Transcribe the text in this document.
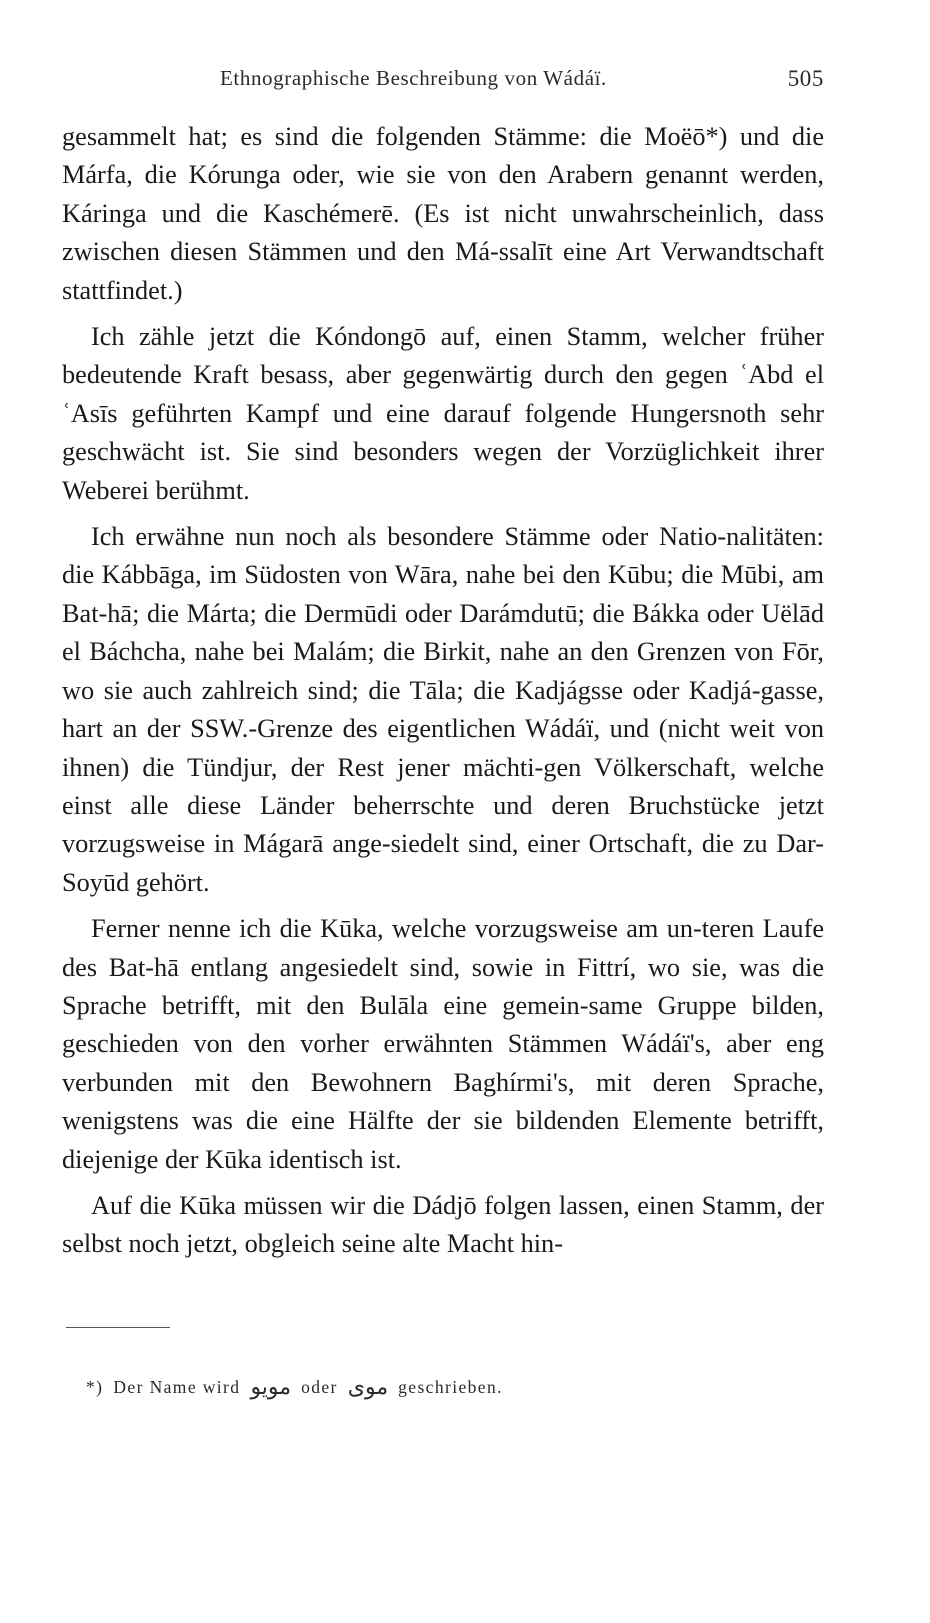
Ethnographische Beschreibung von Wádáï.	505

gesammelt hat; es sind die folgenden Stämme: die Moëō*) und die Márfa, die Kórunga oder, wie sie von den Arabern genannt werden, Káringa und die Kaschémerē. (Es ist nicht unwahrscheinlich, dass zwischen diesen Stämmen und den Má-ssalīt eine Art Verwandtschaft stattfindet.)

Ich zähle jetzt die Kóndongō auf, einen Stamm, welcher früher bedeutende Kraft besass, aber gegenwärtig durch den gegen ʿAbd el ʿAsīs geführten Kampf und eine darauf folgende Hungersnoth sehr geschwächt ist. Sie sind besonders wegen der Vorzüglichkeit ihrer Weberei berühmt.

Ich erwähne nun noch als besondere Stämme oder Natio-nalitäten: die Kábbāga, im Südosten von Wāra, nahe bei den Kūbu; die Mūbi, am Bat-hā; die Márta; die Dermūdi oder Darámdutū; die Bákka oder Uëlād el Báchcha, nahe bei Malám; die Birkit, nahe an den Grenzen von Fōr, wo sie auch zahlreich sind; die Tāla; die Kadjágsse oder Kadjá-gasse, hart an der SSW.-Grenze des eigentlichen Wádáï, und (nicht weit von ihnen) die Tündjur, der Rest jener mächti-gen Völkerschaft, welche einst alle diese Länder beherrschte und deren Bruchstücke jetzt vorzugsweise in Mágarā ange-siedelt sind, einer Ortschaft, die zu Dar-Soyūd gehört.

Ferner nenne ich die Kūka, welche vorzugsweise am un-teren Laufe des Bat-hā entlang angesiedelt sind, sowie in Fittrí, wo sie, was die Sprache betrifft, mit den Bulāla eine gemein-same Gruppe bilden, geschieden von den vorher erwähnten Stämmen Wádáï's, aber eng verbunden mit den Bewohnern Baghírmi's, mit deren Sprache, wenigstens was die eine Hälfte der sie bildenden Elemente betrifft, diejenige der Kūka identisch ist.

Auf die Kūka müssen wir die Dádjō folgen lassen, einen Stamm, der selbst noch jetzt, obgleich seine alte Macht hin-

*) Der Name wird مويو oder موى geschrieben.
